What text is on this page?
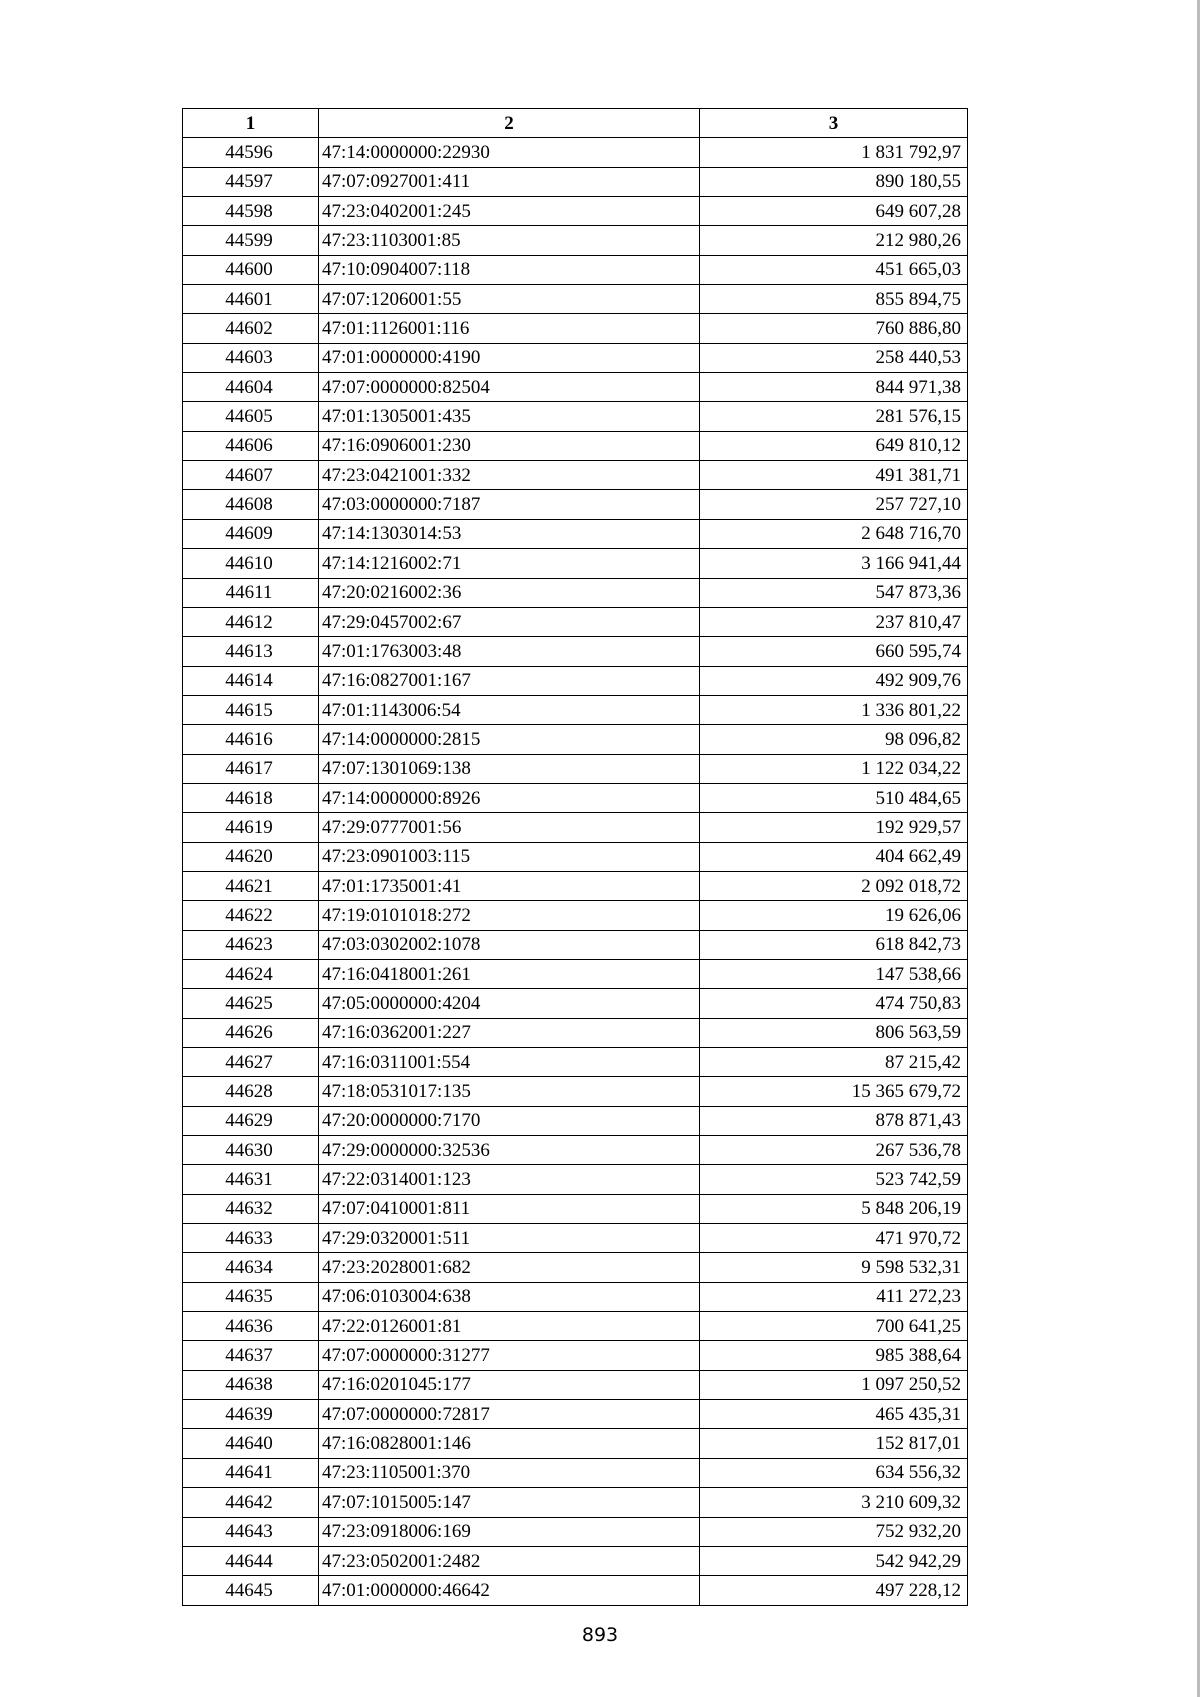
1	2	3
44596	47:14:0000000:22930	1 831 792,97
44597	47:07:0927001:411	890 180,55
44598	47:23:0402001:245	649 607,28
44599	47:23:1103001:85	212 980,26
44600	47:10:0904007:118	451 665,03
44601	47:07:1206001:55	855 894,75
44602	47:01:1126001:116	760 886,80
44603	47:01:0000000:4190	258 440,53
44604	47:07:0000000:82504	844 971,38
44605	47:01:1305001:435	281 576,15
44606	47:16:0906001:230	649 810,12
44607	47:23:0421001:332	491 381,71
44608	47:03:0000000:7187	257 727,10
44609	47:14:1303014:53	2 648 716,70
44610	47:14:1216002:71	3 166 941,44
44611	47:20:0216002:36	547 873,36
44612	47:29:0457002:67	237 810,47
44613	47:01:1763003:48	660 595,74
44614	47:16:0827001:167	492 909,76
44615	47:01:1143006:54	1 336 801,22
44616	47:14:0000000:2815	98 096,82
44617	47:07:1301069:138	1 122 034,22
44618	47:14:0000000:8926	510 484,65
44619	47:29:0777001:56	192 929,57
44620	47:23:0901003:115	404 662,49
44621	47:01:1735001:41	2 092 018,72
44622	47:19:0101018:272	19 626,06
44623	47:03:0302002:1078	618 842,73
44624	47:16:0418001:261	147 538,66
44625	47:05:0000000:4204	474 750,83
44626	47:16:0362001:227	806 563,59
44627	47:16:0311001:554	87 215,42
44628	47:18:0531017:135	15 365 679,72
44629	47:20:0000000:7170	878 871,43
44630	47:29:0000000:32536	267 536,78
44631	47:22:0314001:123	523 742,59
44632	47:07:0410001:811	5 848 206,19
44633	47:29:0320001:511	471 970,72
44634	47:23:2028001:682	9 598 532,31
44635	47:06:0103004:638	411 272,23
44636	47:22:0126001:81	700 641,25
44637	47:07:0000000:31277	985 388,64
44638	47:16:0201045:177	1 097 250,52
44639	47:07:0000000:72817	465 435,31
44640	47:16:0828001:146	152 817,01
44641	47:23:1105001:370	634 556,32
44642	47:07:1015005:147	3 210 609,32
44643	47:23:0918006:169	752 932,20
44644	47:23:0502001:2482	542 942,29
44645	47:01:0000000:46642	497 228,12
893
